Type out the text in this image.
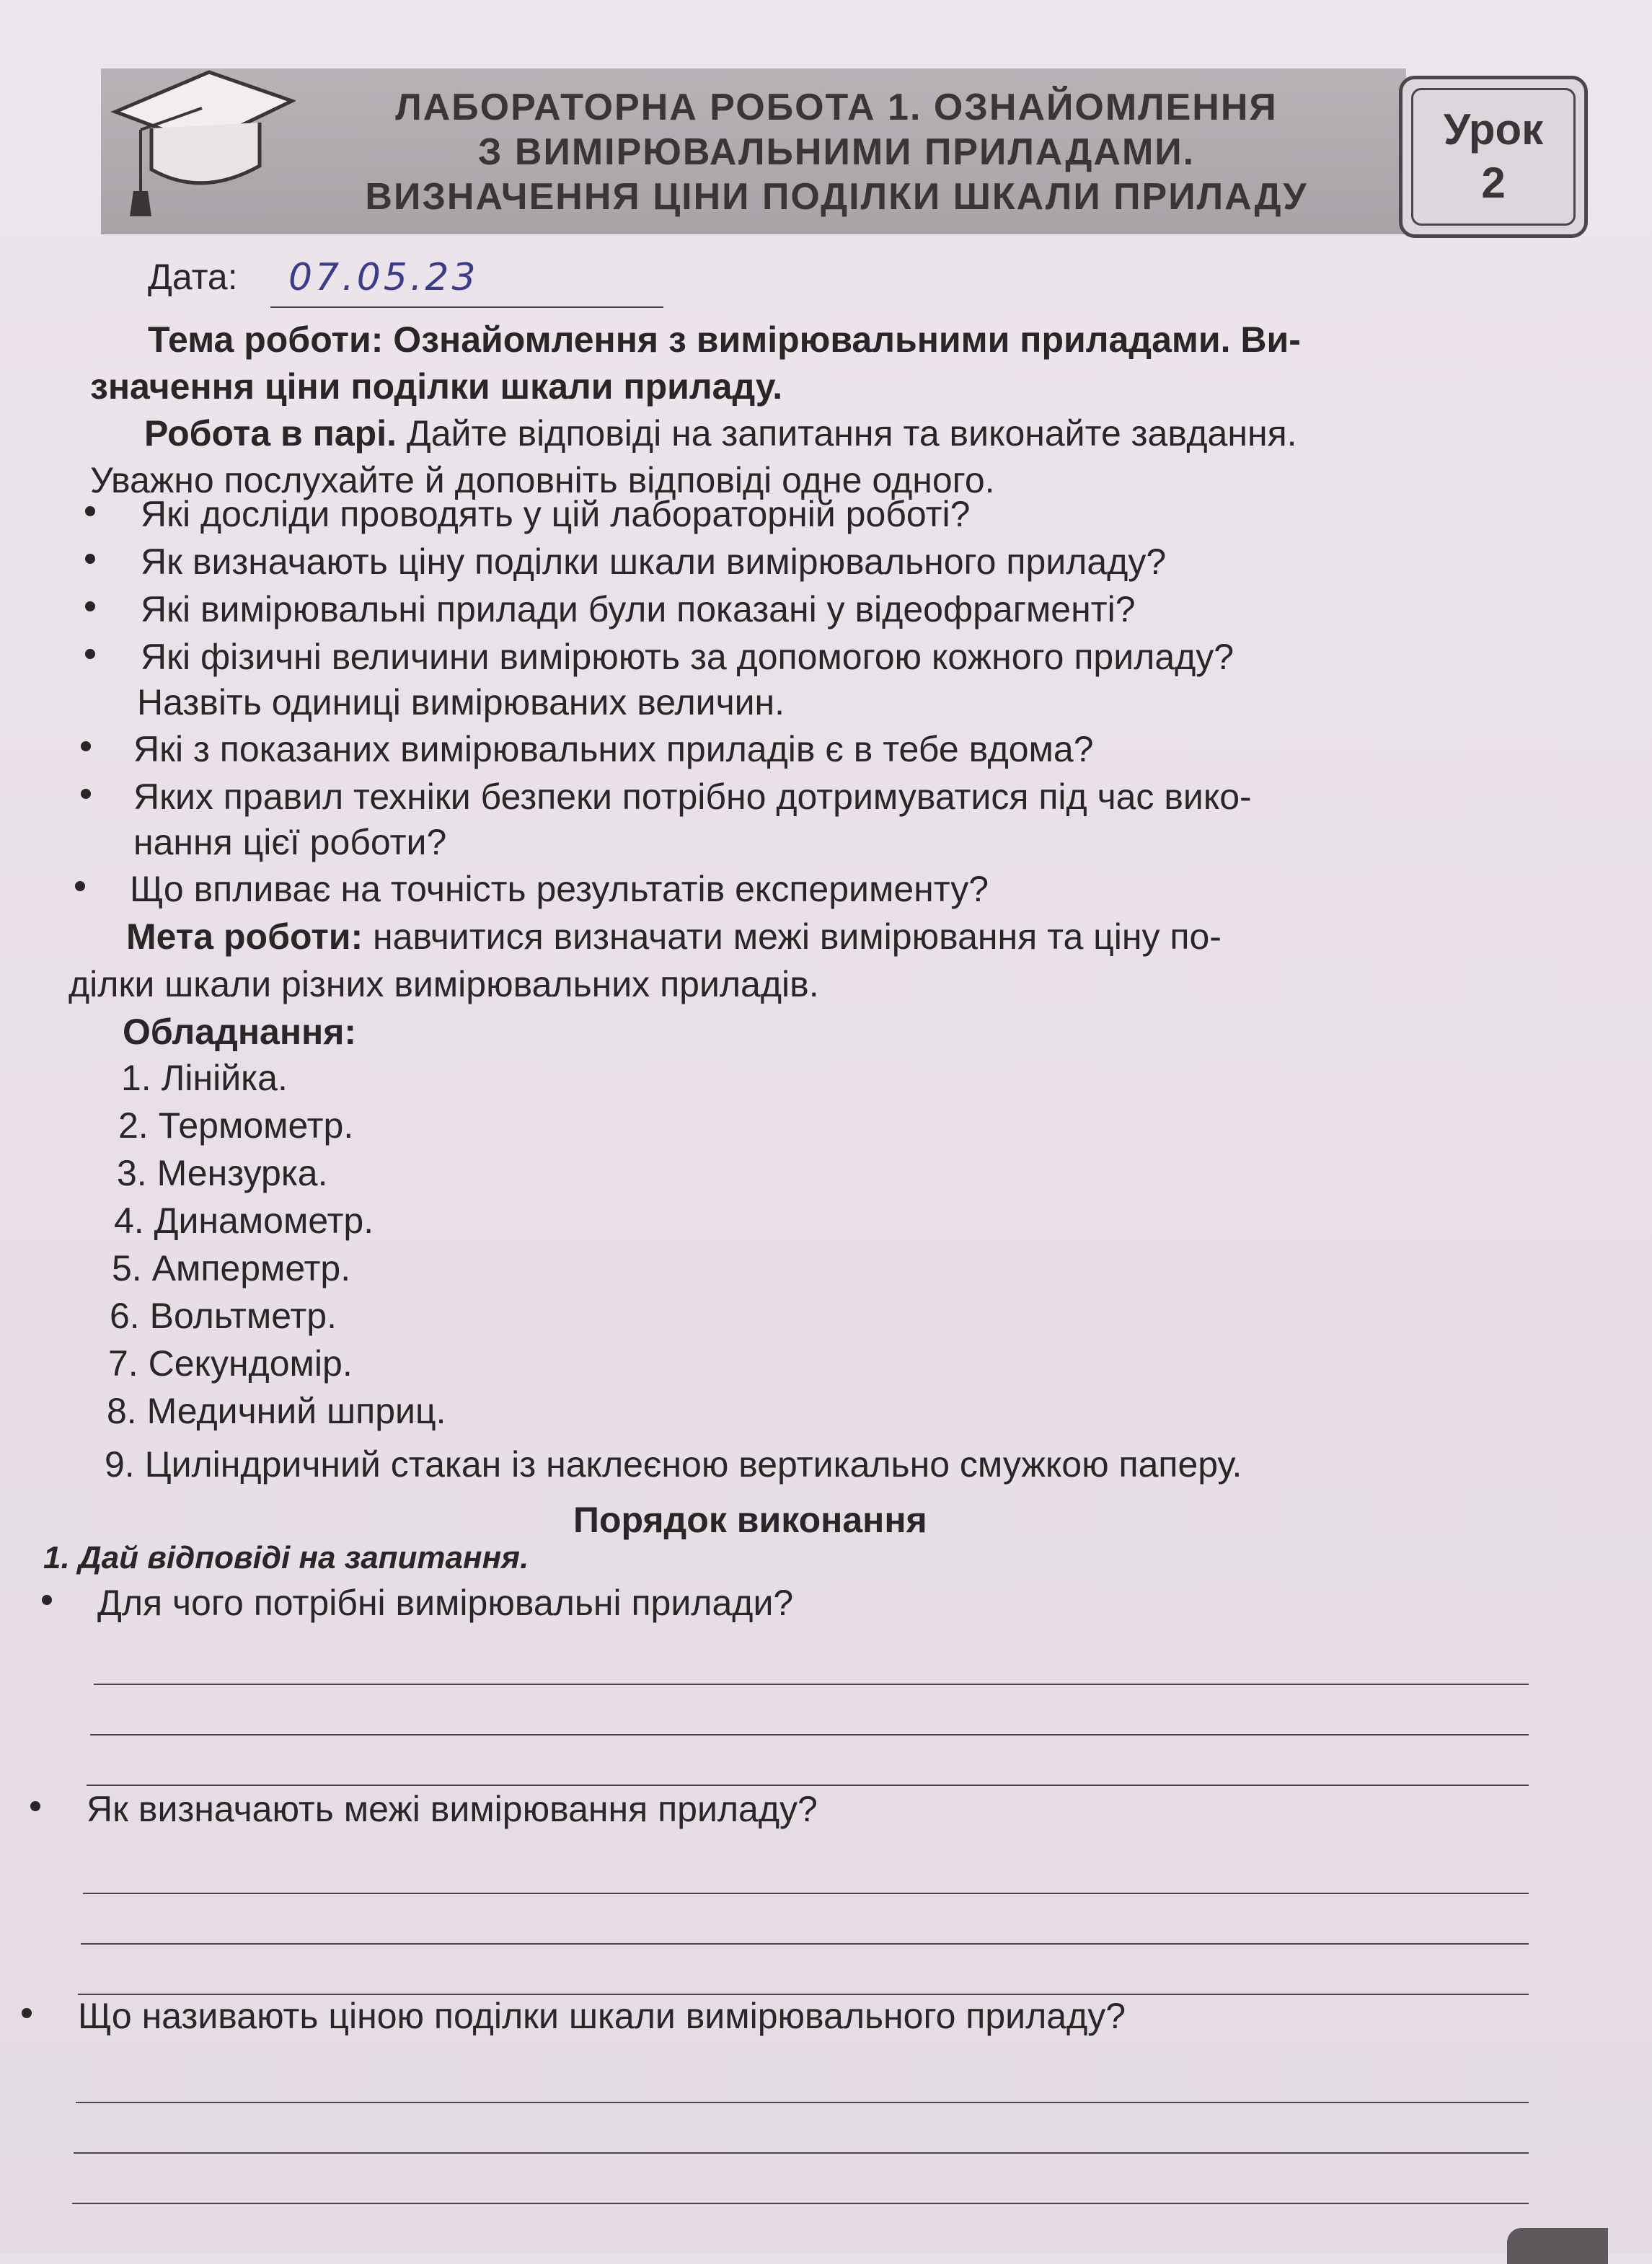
ЛАБОРАТОРНА РОБОТА 1. ОЗНАЙОМЛЕННЯ
З ВИМІРЮВАЛЬНИМИ ПРИЛАДАМИ.
ВИЗНАЧЕННЯ ЦІНИ ПОДІЛКИ ШКАЛИ ПРИЛАДУ
Урок
2
Дата: 07.05.23
Тема роботи: Ознайомлення з вимірювальними приладами. Ви-
значення ціни поділки шкали приладу.
Робота в парі. Дайте відповіді на запитання та виконайте завдання.
Уважно послухайте й доповніть відповіді одне одного.
Які досліди проводять у цій лабораторній роботі?
Як визначають ціну поділки шкали вимірювального приладу?
Які вимірювальні прилади були показані у відеофрагменті?
Які фізичні величини вимірюють за допомогою кожного приладу?
Назвіть одиниці вимірюваних величин.
Які з показаних вимірювальних приладів є в тебе вдома?
Яких правил техніки безпеки потрібно дотримуватися під час вико-
нання цієї роботи?
Що впливає на точність результатів експерименту?
Мета роботи: навчитися визначати межі вимірювання та ціну по-
ділки шкали різних вимірювальних приладів.
Обладнання:
1. Лінійка.
2. Термометр.
3. Мензурка.
4. Динамометр.
5. Амперметр.
6. Вольтметр.
7. Секундомір.
8. Медичний шприц.
9. Циліндричний стакан із наклеєною вертикально смужкою паперу.
Порядок виконання
1. Дай відповіді на запитання.
Для чого потрібні вимірювальні прилади?
Як визначають межі вимірювання приладу?
Що називають ціною поділки шкали вимірювального приладу?
